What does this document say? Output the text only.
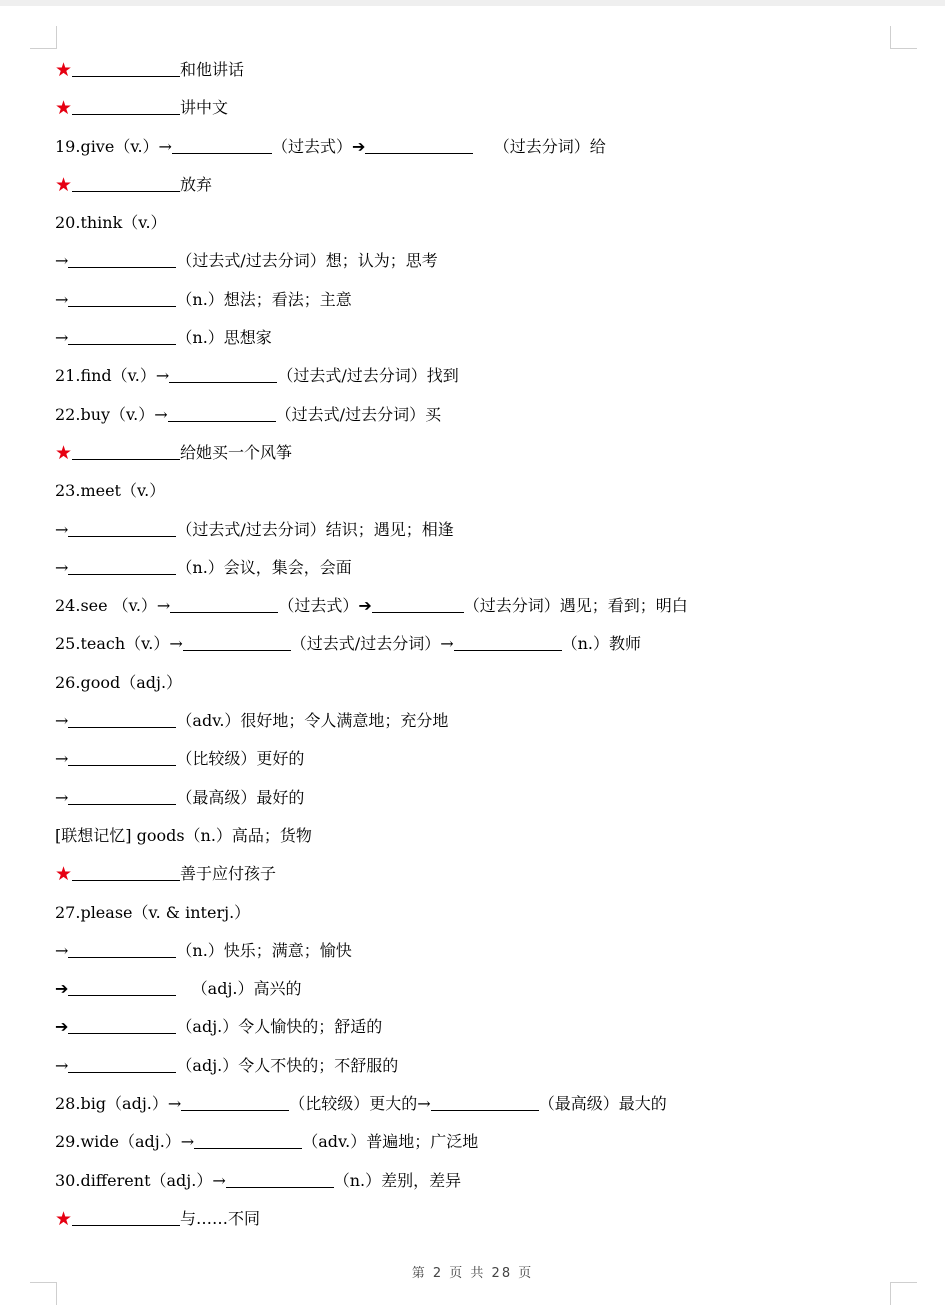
★	和他讲话
★	讲中文
19.give（v.）→	（过去式）➔	（过去分词）给
★	放弃
20.think（v.）
→	（过去式/过去分词）想；认为；思考
→	（n.）想法；看法；主意
→	（n.）思想家
21.find（v.）→	（过去式/过去分词）找到
22.buy（v.）→	（过去式/过去分词）买
★	给她买一个风筝
23.meet（v.）
→	（过去式/过去分词）结识；遇见；相逢
→	（n.）会议，集会，会面
24.see （v.）→	（过去式）➔	（过去分词）遇见；看到；明白
25.teach（v.）→	（过去式/过去分词）→	（n.）教师
26.good（adj.）
→	（adv.）很好地；令人满意地；充分地
→	（比较级）更好的
→	（最高级）最好的
[联想记忆] goods（n.）高品；货物
★	善于应付孩子
27.please（v. & interj.）
→	（n.）快乐；满意；愉快
➔	（adj.）高兴的
➔	（adj.）令人愉快的；舒适的
→	（adj.）令人不快的；不舒服的
28.big（adj.）→	（比较级）更大的→	（最高级）最大的
29.wide（adj.）→	（adv.）普遍地；广泛地
30.different（adj.）→	（n.）差别，差异
★	与……不同
第 2 页 共 28 页
